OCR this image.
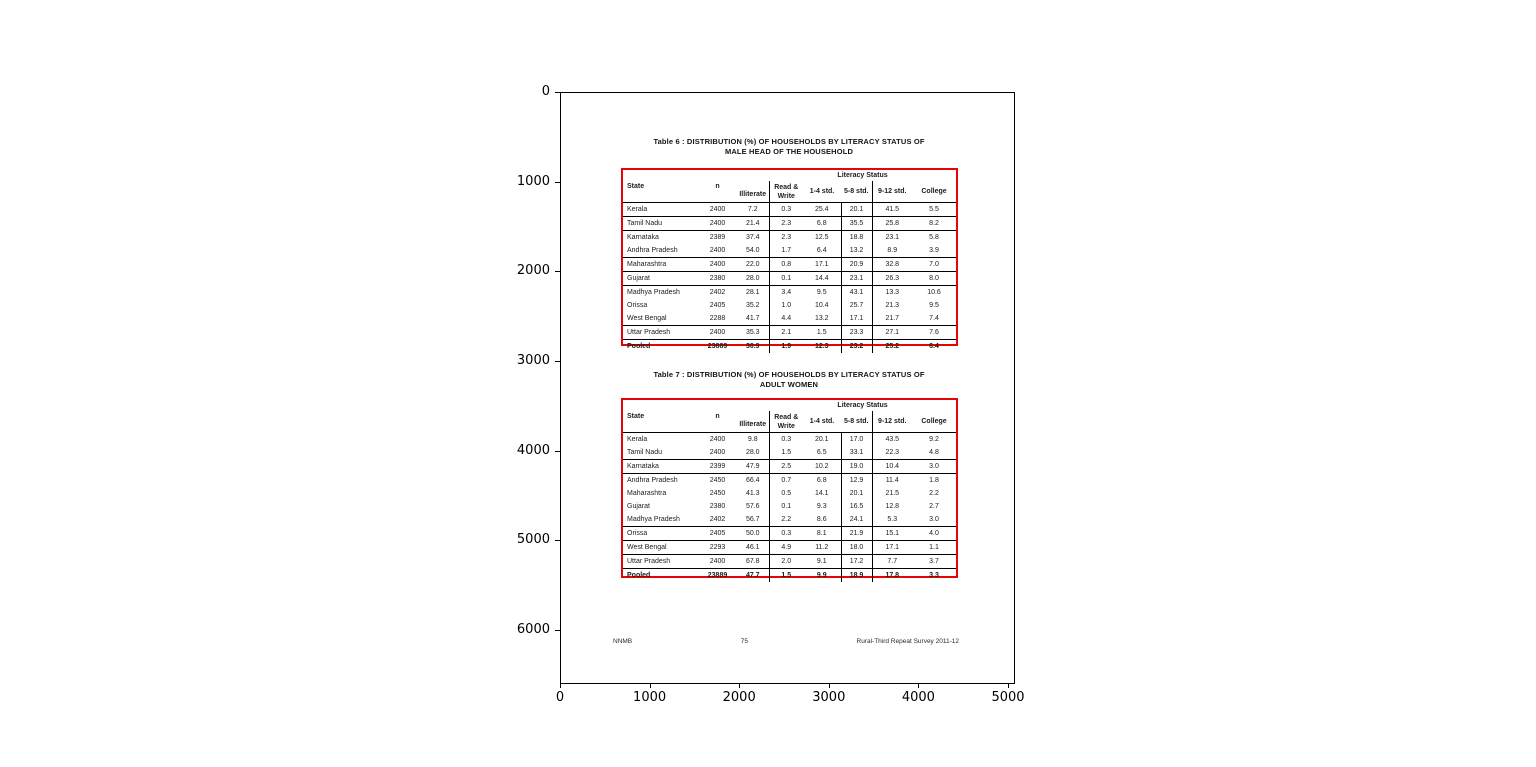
Table 6 : DISTRIBUTION (%) OF HOUSEHOLDS BY LITERACY STATUS OF
MALE HEAD OF THE HOUSEHOLD
State	n	Illiterate	Literacy Status				
			Read & Write	1-4 std.	5-8 std.	9-12 std.	College
Kerala	2400	7.2	0.3	25.4	20.1	41.5	5.5
Tamil Nadu	2400	21.4	2.3	6.8	35.5	25.8	8.2
Karnataka	2389	37.4	2.3	12.5	18.8	23.1	5.8
Andhra Pradesh	2400	54.0	1.7	6.4	13.2	8.9	3.9
Maharashtra	2400	22.0	0.8	17.1	20.9	32.8	7.0
Gujarat	2380	28.0	0.1	14.4	23.1	26.3	8.0
Madhya Pradesh	2402	28.1	3.4	9.5	43.1	13.3	10.6
Orissa	2405	35.2	1.0	10.4	25.7	21.3	9.5
West Bengal	2288	41.7	4.4	13.2	17.1	21.7	7.4
Uttar Pradesh	2400	35.3	2.1	1.5	23.3	27.1	7.6
Pooled	23889	30.9	1.9	12.3	23.2	25.2	6.4
Table 7 : DISTRIBUTION (%) OF HOUSEHOLDS BY LITERACY STATUS OF
ADULT WOMEN
State	n	Illiterate	Literacy Status				
			Read & Write	1-4 std.	5-8 std.	9-12 std.	College
Kerala	2400	9.8	0.3	20.1	17.0	43.5	9.2
Tamil Nadu	2400	28.0	1.5	6.5	33.1	22.3	4.8
Karnataka	2399	47.9	2.5	10.2	19.0	10.4	3.0
Andhra Pradesh	2450	66.4	0.7	6.8	12.9	11.4	1.8
Maharashtra	2450	41.3	0.5	14.1	20.1	21.5	2.2
Gujarat	2380	57.6	0.1	9.3	16.5	12.8	2.7
Madhya Pradesh	2402	56.7	2.2	8.6	24.1	5.3	3.0
Orissa	2405	50.0	0.3	8.1	21.9	15.1	4.0
West Bengal	2293	46.1	4.9	11.2	18.0	17.1	1.1
Uttar Pradesh	2400	67.8	2.0	9.1	17.2	7.7	3.7
Pooled	23889	47.7	1.5	9.9	18.9	17.8	3.3
NNMB	75	Rural-Third Repeat Survey 2011-12
0
1000
2000
3000
4000
5000
6000
0	1000	2000	3000	4000	5000
